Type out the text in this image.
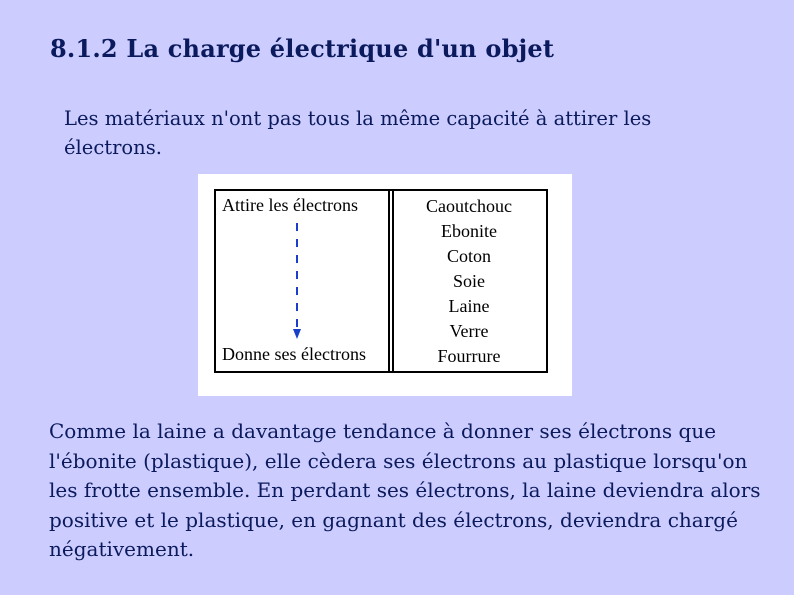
8.1.2 La charge électrique d'un objet
Les matériaux n'ont pas tous la même capacité à attirer les électrons.
Attire les électrons
Donne ses électrons
Caoutchouc
Ebonite
Coton
Soie
Laine
Verre
Fourrure
Comme la laine a davantage tendance à donner ses électrons que l'ébonite (plastique), elle cèdera ses électrons au plastique lorsqu'on les frotte ensemble. En perdant ses électrons, la laine deviendra alors positive et le plastique, en gagnant des électrons, deviendra chargé négativement.
